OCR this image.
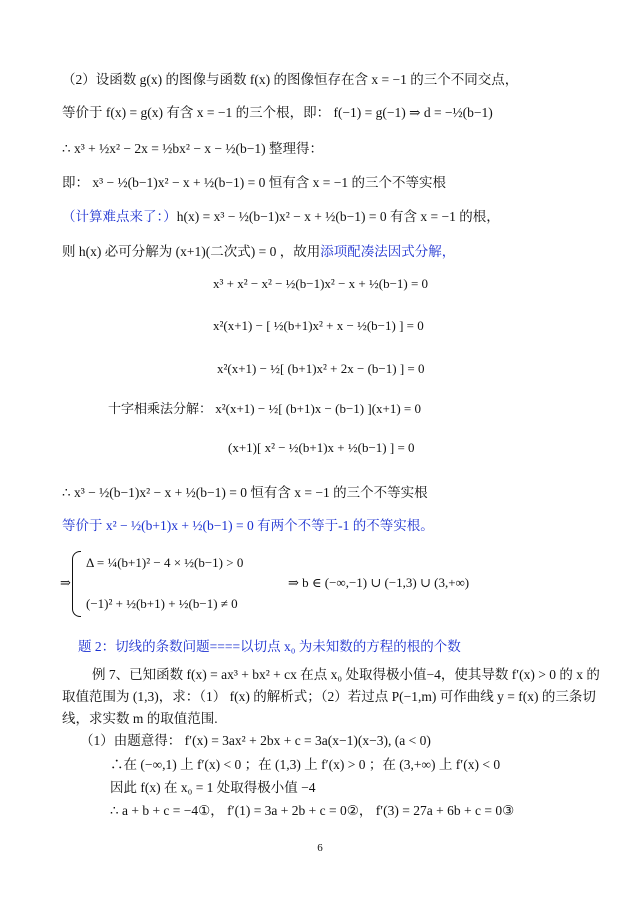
（2）设函数 g(x) 的图像与函数 f(x) 的图像恒存在含 x = −1 的三个不同交点，
等价于 f(x) = g(x) 有含 x = −1 的三个根，即： f(−1) = g(−1) ⇒ d = −½(b−1)
∴ x³ + ½x² − 2x = ½bx² − x − ½(b−1) 整理得：
即： x³ − ½(b−1)x² − x + ½(b−1) = 0 恒有含 x = −1 的三个不等实根
（计算难点来了：）h(x) = x³ − ½(b−1)x² − x + ½(b−1) = 0 有含 x = −1 的根，
则 h(x) 必可分解为 (x+1)(二次式) = 0 ，故用添项配凑法因式分解，
x³ + x² − x² − ½(b−1)x² − x + ½(b−1) = 0
x²(x+1) − [ ½(b+1)x² + x − ½(b−1) ] = 0
x²(x+1) − ½[ (b+1)x² + 2x − (b−1) ] = 0
十字相乘法分解： x²(x+1) − ½[ (b+1)x − (b−1) ](x+1) = 0
(x+1)[ x² − ½(b+1)x + ½(b−1) ] = 0
∴ x³ − ½(b−1)x² − x + ½(b−1) = 0 恒有含 x = −1 的三个不等实根
等价于 x² − ½(b+1)x + ½(b−1) = 0 有两个不等于-1 的不等实根。
⇒
Δ = ¼(b+1)² − 4 × ½(b−1) > 0
(−1)² + ½(b+1) + ½(b−1) ≠ 0
⇒ b ∈ (−∞,−1) ∪ (−1,3) ∪ (3,+∞)
题 2：切线的条数问题====以切点 x₀ 为未知数的方程的根的个数
例 7、已知函数 f(x) = ax³ + bx² + cx 在点 x₀ 处取得极小值−4，使其导数 f′(x) > 0 的 x 的
取值范围为 (1,3)，求：（1） f(x) 的解析式；（2）若过点 P(−1,m) 可作曲线 y = f(x) 的三条切
线，求实数 m 的取值范围.
（1）由题意得： f′(x) = 3ax² + 2bx + c = 3a(x−1)(x−3), (a < 0)
∴在 (−∞,1) 上 f′(x) < 0 ；在 (1,3) 上 f′(x) > 0 ；在 (3,+∞) 上 f′(x) < 0
因此 f(x) 在 x₀ = 1 处取得极小值 −4
∴ a + b + c = −4①， f′(1) = 3a + 2b + c = 0②， f′(3) = 27a + 6b + c = 0③
6
